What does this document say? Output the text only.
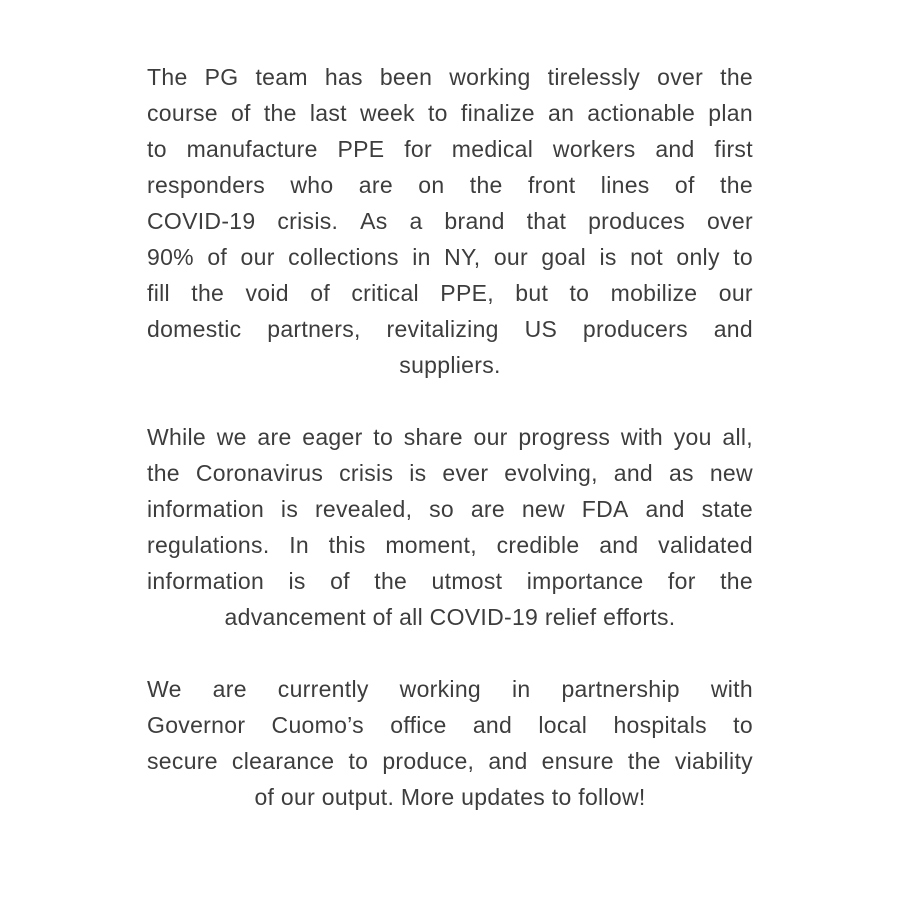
The PG team has been working tirelessly over the
course of the last week to finalize an actionable plan
to manufacture PPE for medical workers and first
responders who are on the front lines of the
COVID-19 crisis. As a brand that produces over
90% of our collections in NY, our goal is not only to
fill the void of critical PPE, but to mobilize our
domestic partners, revitalizing US producers and
suppliers.
While we are eager to share our progress with you all,
the Coronavirus crisis is ever evolving, and as new
information is revealed, so are new FDA and state
regulations. In this moment, credible and validated
information is of the utmost importance for the
advancement of all COVID-19 relief efforts.
We are currently working in partnership with
Governor Cuomo’s office and local hospitals to
secure clearance to produce, and ensure the viability
of our output. More updates to follow!
